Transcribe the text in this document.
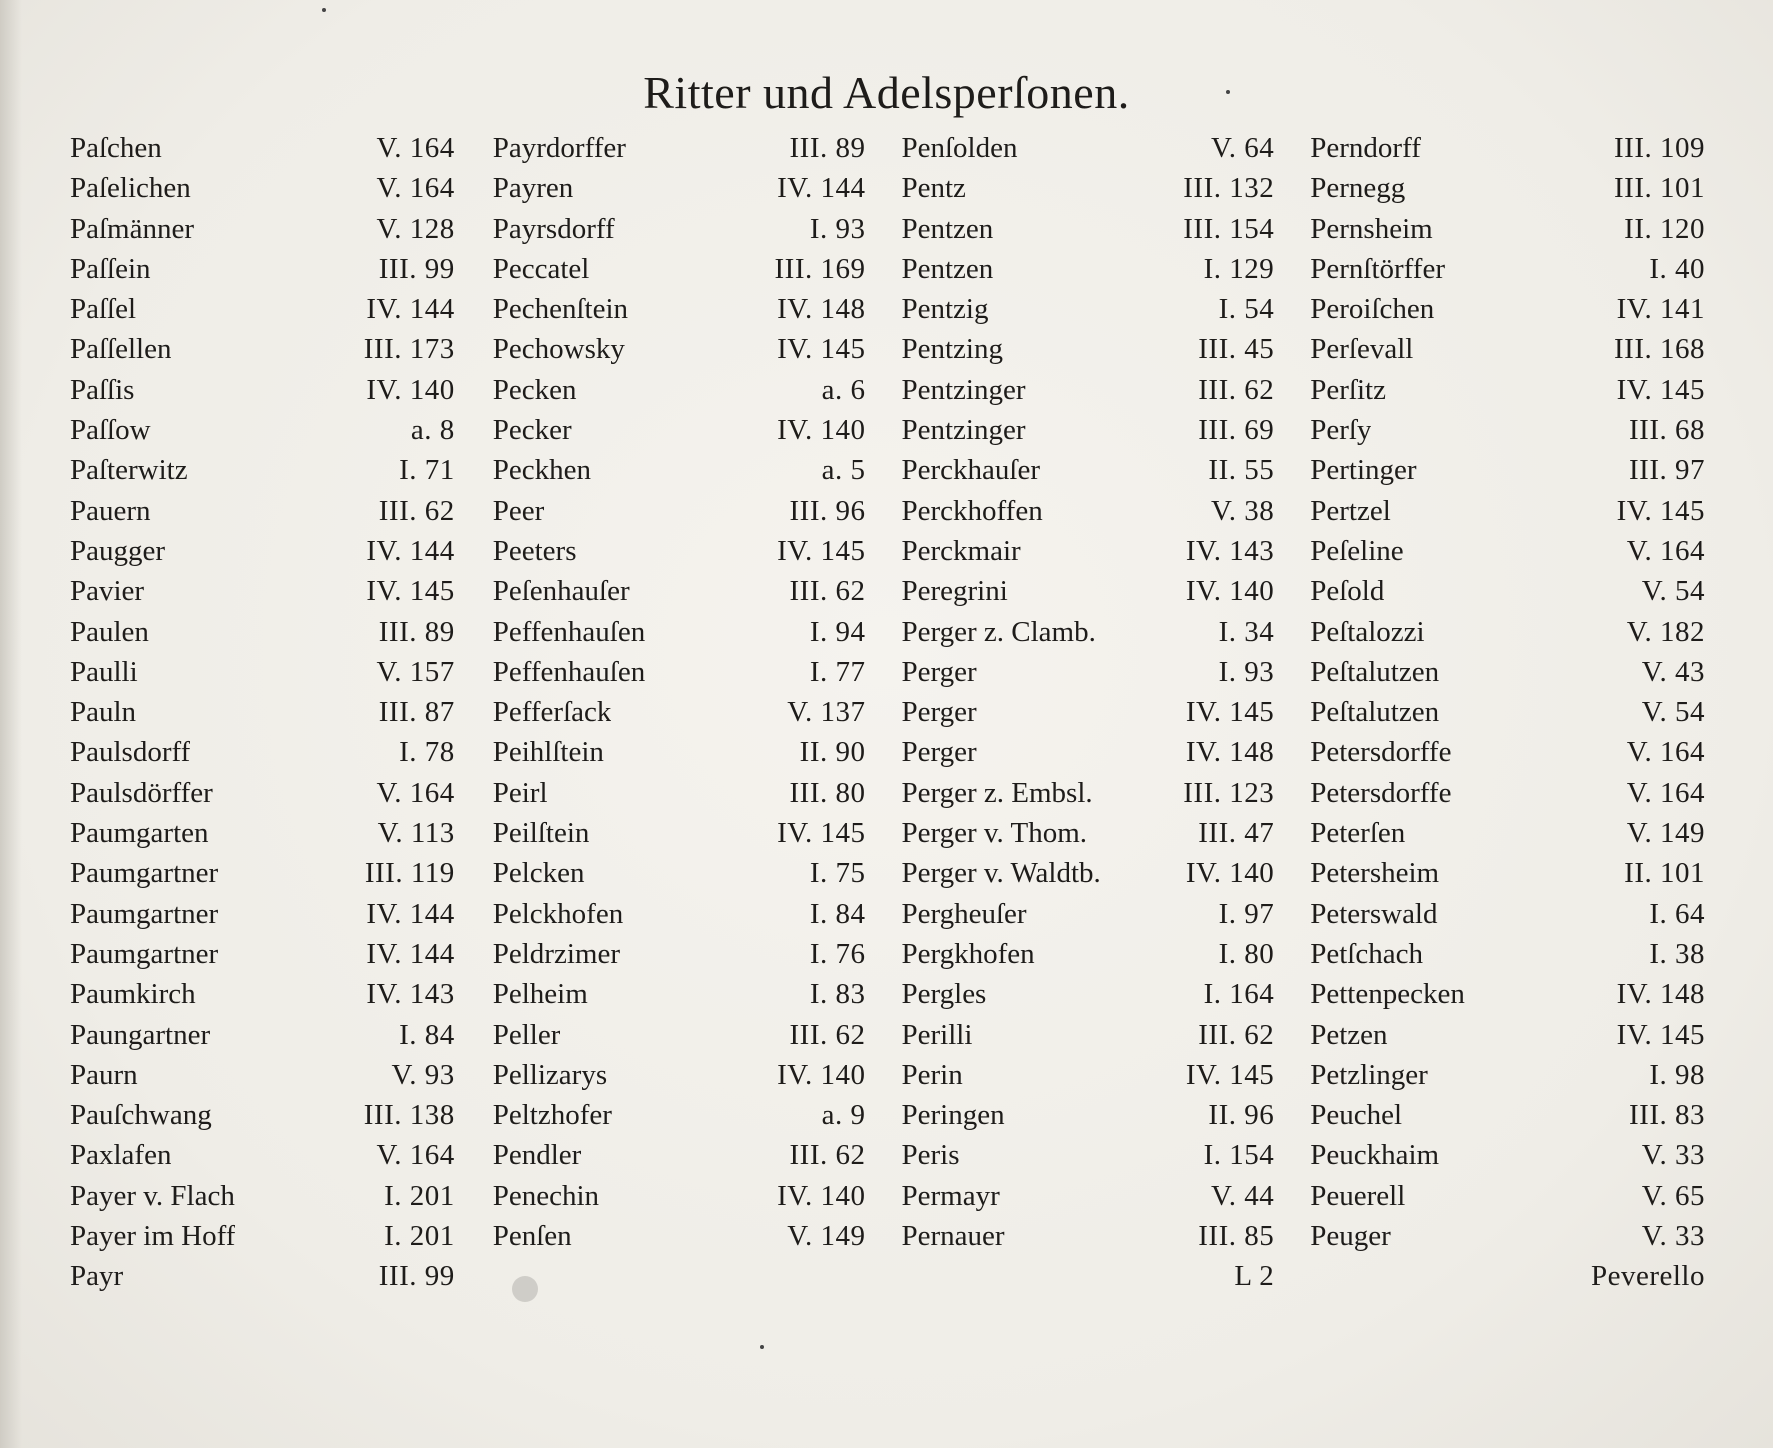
Ritter und Adelsperſonen.
Paſchen	V. 164
Paſelichen	V. 164
Paſmänner	V. 128
Paſſein	III. 99
Paſſel	IV. 144
Paſſellen	III. 173
Paſſis	IV. 140
Paſſow	a. 8
Paſterwitz	I. 71
Pauern	III. 62
Paugger	IV. 144
Pavier	IV. 145
Paulen	III. 89
Paulli	V. 157
Pauln	III. 87
Paulsdorff	I. 78
Paulsdörffer	V. 164
Paumgarten	V. 113
Paumgartner	III. 119
Paumgartner	IV. 144
Paumgartner	IV. 144
Paumkirch	IV. 143
Paungartner	I. 84
Paurn	V. 93
Pauſchwang	III. 138
Paxlafen	V. 164
Payer v. Flach	I. 201
Payer im Hoff	I. 201
Payr	III. 99
Payrdorffer	III. 89
Payren	IV. 144
Payrsdorff	I. 93
Peccatel	III. 169
Pechenſtein	IV. 148
Pechowsky	IV. 145
Pecken	a. 6
Pecker	IV. 140
Peckhen	a. 5
Peer	III. 96
Peeters	IV. 145
Peſenhauſer	III. 62
Peffenhauſen	I. 94
Peffenhauſen	I. 77
Pefferſack	V. 137
Peihlſtein	II. 90
Peirl	III. 80
Peilſtein	IV. 145
Pelcken	I. 75
Pelckhofen	I. 84
Peldrzimer	I. 76
Pelheim	I. 83
Peller	III. 62
Pellizarys	IV. 140
Peltzhofer	a. 9
Pendler	III. 62
Penechin	IV. 140
Penſen	V. 149
Penſolden	V. 64
Pentz	III. 132
Pentzen	III. 154
Pentzen	I. 129
Pentzig	I. 54
Pentzing	III. 45
Pentzinger	III. 62
Pentzinger	III. 69
Perckhauſer	II. 55
Perckhoffen	V. 38
Perckmair	IV. 143
Peregrini	IV. 140
Perger z. Clamb.	I. 34
Perger	I. 93
Perger	IV. 145
Perger	IV. 148
Perger z. Embsl.	III. 123
Perger v. Thom.	III. 47
Perger v. Waldtb.	IV. 140
Pergheuſer	I. 97
Pergkhofen	I. 80
Pergles	I. 164
Perilli	III. 62
Perin	IV. 145
Peringen	II. 96
Peris	I. 154
Permayr	V. 44
Pernauer	III. 85
L 2
Perndorff	III. 109
Pernegg	III. 101
Pernsheim	II. 120
Pernſtörffer	I. 40
Peroiſchen	IV. 141
Perſevall	III. 168
Perſitz	IV. 145
Perſy	III. 68
Pertinger	III. 97
Pertzel	IV. 145
Peſeline	V. 164
Peſold	V. 54
Peſtalozzi	V. 182
Peſtalutzen	V. 43
Peſtalutzen	V. 54
Petersdorffe	V. 164
Petersdorffe	V. 164
Peterſen	V. 149
Petersheim	II. 101
Peterswald	I. 64
Petſchach	I. 38
Pettenpecken	IV. 148
Petzen	IV. 145
Petzlinger	I. 98
Peuchel	III. 83
Peuckhaim	V. 33
Peuerell	V. 65
Peuger	V. 33
Peverello
